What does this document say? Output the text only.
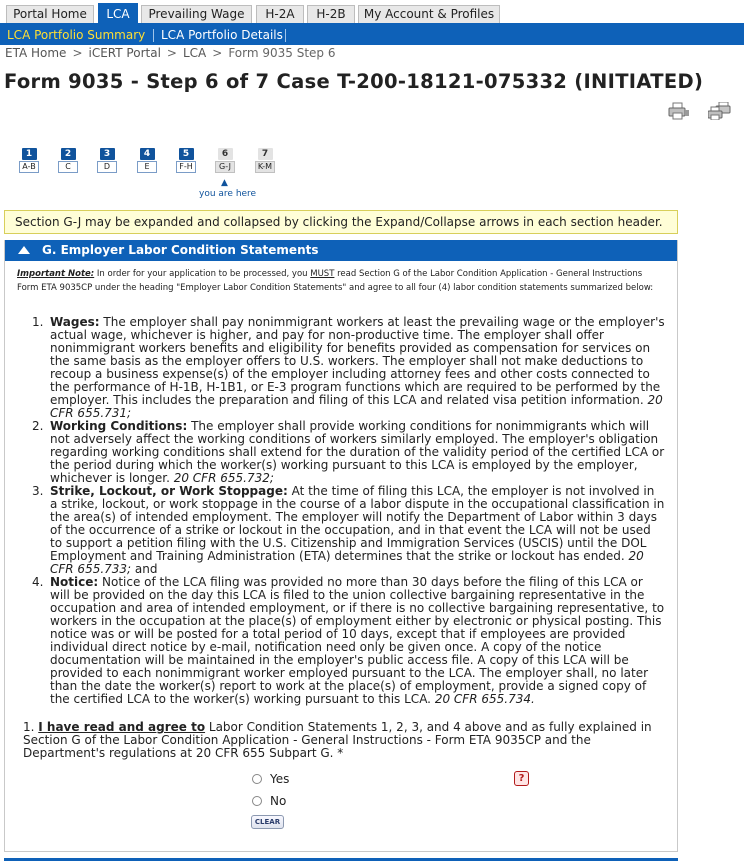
Portal Home	LCA	Prevailing Wage	H-2A	H-2B	My Account & Profiles
LCA Portfolio Summary	LCA Portfolio Details
ETA Home > iCERT Portal > LCA > Form 9035 Step 6
Form 9035 - Step 6 of 7 Case T-200-18121-075332 (INITIATED)
1
A-B
2
C
3
D
4
E
5
F-H
6
G-J
7
K-M
▲
you are here
Section G-J may be expanded and collapsed by clicking the Expand/Collapse arrows in each section header.
G. Employer Labor Condition Statements
Important Note: In order for your application to be processed, you MUST read Section G of the Labor Condition Application - General Instructions Form ETA 9035CP under the heading "Employer Labor Condition Statements" and agree to all four (4) labor condition statements summarized below:
1. Wages: The employer shall pay nonimmigrant workers at least the prevailing wage or the employer's actual wage, whichever is higher, and pay for non-productive time. The employer shall offer nonimmigrant workers benefits and eligibility for benefits provided as compensation for services on the same basis as the employer offers to U.S. workers. The employer shall not make deductions to recoup a business expense(s) of the employer including attorney fees and other costs connected to the performance of H-1B, H-1B1, or E-3 program functions which are required to be performed by the employer. This includes the preparation and filing of this LCA and related visa petition information. 20 CFR 655.731;
2. Working Conditions: The employer shall provide working conditions for nonimmigrants which will not adversely affect the working conditions of workers similarly employed. The employer's obligation regarding working conditions shall extend for the duration of the validity period of the certified LCA or the period during which the worker(s) working pursuant to this LCA is employed by the employer, whichever is longer. 20 CFR 655.732;
3. Strike, Lockout, or Work Stoppage: At the time of filing this LCA, the employer is not involved in a strike, lockout, or work stoppage in the course of a labor dispute in the occupational classification in the area(s) of intended employment. The employer will notify the Department of Labor within 3 days of the occurrence of a strike or lockout in the occupation, and in that event the LCA will not be used to support a petition filing with the U.S. Citizenship and Immigration Services (USCIS) until the DOL Employment and Training Administration (ETA) determines that the strike or lockout has ended. 20 CFR 655.733; and
4. Notice: Notice of the LCA filing was provided no more than 30 days before the filing of this LCA or will be provided on the day this LCA is filed to the union collective bargaining representative in the occupation and area of intended employment, or if there is no collective bargaining representative, to workers in the occupation at the place(s) of employment either by electronic or physical posting. This notice was or will be posted for a total period of 10 days, except that if employees are provided individual direct notice by e-mail, notification need only be given once. A copy of the notice documentation will be maintained in the employer's public access file. A copy of this LCA will be provided to each nonimmigrant worker employed pursuant to the LCA. The employer shall, no later than the date the worker(s) report to work at the place(s) of employment, provide a signed copy of the certified LCA to the worker(s) working pursuant to this LCA. 20 CFR 655.734.
1. I have read and agree to Labor Condition Statements 1, 2, 3, and 4 above and as fully explained in Section G of the Labor Condition Application - General Instructions - Form ETA 9035CP and the Department's regulations at 20 CFR 655 Subpart G. *
Yes
No
?
CLEAR
